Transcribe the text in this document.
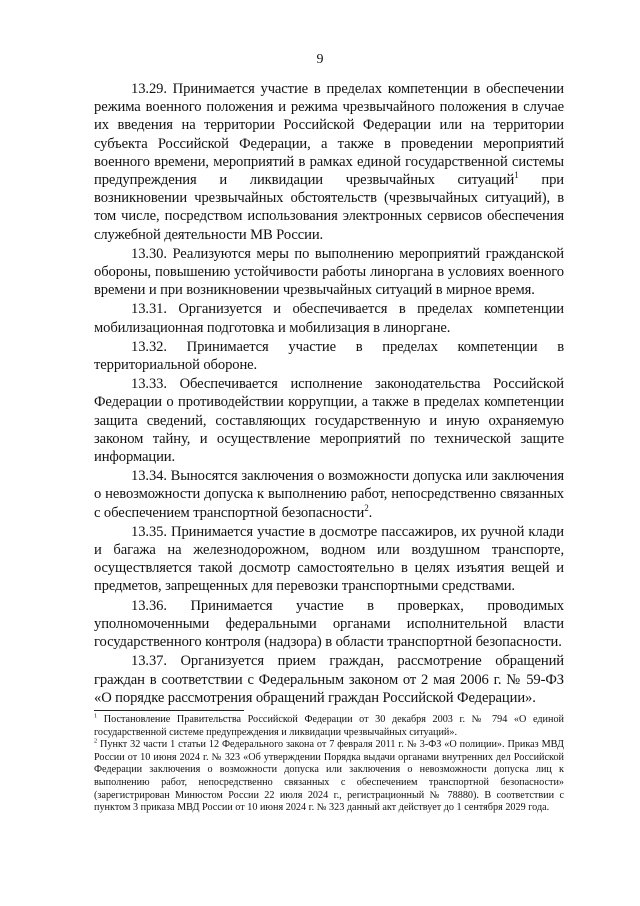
9

13.29. Принимается участие в пределах компетенции в обеспечении режима военного положения и режима чрезвычайного положения в случае их введения на территории Российской Федерации или на территории субъекта Российской Федерации, а также в проведении мероприятий военного времени, мероприятий в рамках единой государственной системы предупреждения и ликвидации чрезвычайных ситуаций$^1$ при возникновении чрезвычайных обстоятельств (чрезвычайных ситуаций), в том числе, посредством использования электронных сервисов обеспечения служебной деятельности МВ России.

13.30. Реализуются меры по выполнению мероприятий гражданской обороны, повышению устойчивости работы линоргана в условиях военного времени и при возникновении чрезвычайных ситуаций в мирное время.

13.31. Организуется и обеспечивается в пределах компетенции мобилизационная подготовка и мобилизация в линоргане.

13.32. Принимается участие в пределах компетенции в территориальной обороне.

13.33. Обеспечивается исполнение законодательства Российской Федерации о противодействии коррупции, а также в пределах компетенции защита сведений, составляющих государственную и иную охраняемую законом тайну, и осуществление мероприятий по технической защите информации.

13.34. Выносятся заключения о возможности допуска или заключения о невозможности допуска к выполнению работ, непосредственно связанных с обеспечением транспортной безопасности$^2$.

13.35. Принимается участие в досмотре пассажиров, их ручной клади и багажа на железнодорожном, водном или воздушном транспорте, осуществляется такой досмотр самостоятельно в целях изъятия вещей и предметов, запрещенных для перевозки транспортными средствами.

13.36. Принимается участие в проверках, проводимых уполномоченными федеральными органами исполнительной власти государственного контроля (надзора) в области транспортной безопасности.

13.37. Организуется прием граждан, рассмотрение обращений граждан в соответствии с Федеральным законом от 2 мая 2006 г. № 59-ФЗ «О порядке рассмотрения обращений граждан Российской Федерации».

$^1$ Постановление Правительства Российской Федерации от 30 декабря 2003 г. № 794 «О единой государственной системе предупреждения и ликвидации чрезвычайных ситуаций».

$^2$ Пункт 32 части 1 статьи 12 Федерального закона от 7 февраля 2011 г. № 3-ФЗ «О полиции». Приказ МВД России от 10 июня 2024 г. № 323 «Об утверждении Порядка выдачи органами внутренних дел Российской Федерации заключения о возможности допуска или заключения о невозможности допуска лиц к выполнению работ, непосредственно связанных с обеспечением транспортной безопасности» (зарегистрирован Минюстом России 22 июля 2024 г., регистрационный № 78880). В соответствии с пунктом 3 приказа МВД России от 10 июня 2024 г. № 323 данный акт действует до 1 сентября 2029 года.
